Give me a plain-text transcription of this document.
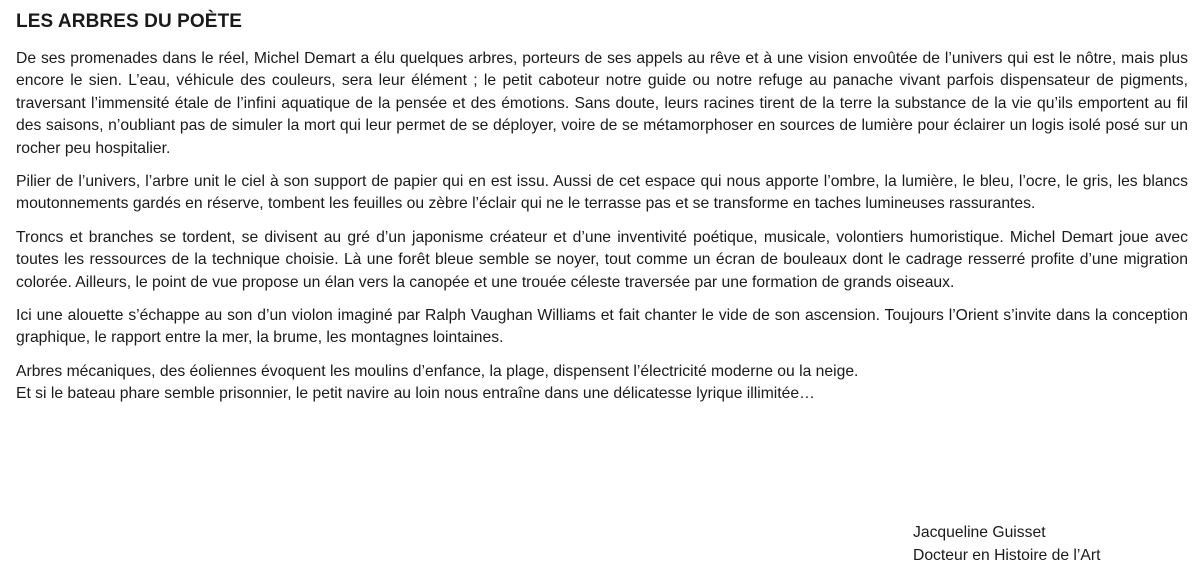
LES ARBRES DU POÈTE

De ses promenades dans le réel, Michel Demart a élu quelques arbres, porteurs de ses appels au rêve et à une vision envoûtée de l’univers qui est le nôtre, mais plus encore le sien. L’eau, véhicule des couleurs, sera leur élément ; le petit caboteur notre guide ou notre refuge au panache vivant parfois dispensateur de pigments, traversant l’immensité étale de l’infini aquatique de la pensée et des émotions. Sans doute, leurs racines tirent de la terre la substance de la vie qu’ils emportent au fil des saisons, n’oubliant pas de simuler la mort qui leur permet de se déployer, voire de se métamorphoser en sources de lumière pour éclairer un logis isolé posé sur un rocher peu hospitalier.

Pilier de l’univers, l’arbre unit le ciel à son support de papier qui en est issu. Aussi de cet espace qui nous apporte l’ombre, la lumière, le bleu, l’ocre, le gris, les blancs moutonnements gardés en réserve, tombent les feuilles ou zèbre l’éclair qui ne le terrasse pas et se transforme en taches lumineuses rassurantes.

Troncs et branches se tordent, se divisent au gré d’un japonisme créateur et d’une inventivité poétique, musicale, volontiers humoristique. Michel Demart joue avec toutes les ressources de la technique choisie. Là une forêt bleue semble se noyer, tout comme un écran de bouleaux dont le cadrage resserré profite d’une migration colorée. Ailleurs, le point de vue propose un élan vers la canopée et une trouée céleste traversée par une formation de grands oiseaux.

Ici une alouette s’échappe au son d’un violon imaginé par Ralph Vaughan Williams et fait chanter le vide de son ascension. Toujours l’Orient s’invite dans la conception graphique, le rapport entre la mer, la brume, les montagnes lointaines.

Arbres mécaniques, des éoliennes évoquent les moulins d’enfance, la plage, dispensent l’électricité moderne ou la neige.
Et si le bateau phare semble prisonnier, le petit navire au loin nous entraîne dans une délicatesse lyrique illimitée…

Jacqueline Guisset
Docteur en Histoire de l’Art
